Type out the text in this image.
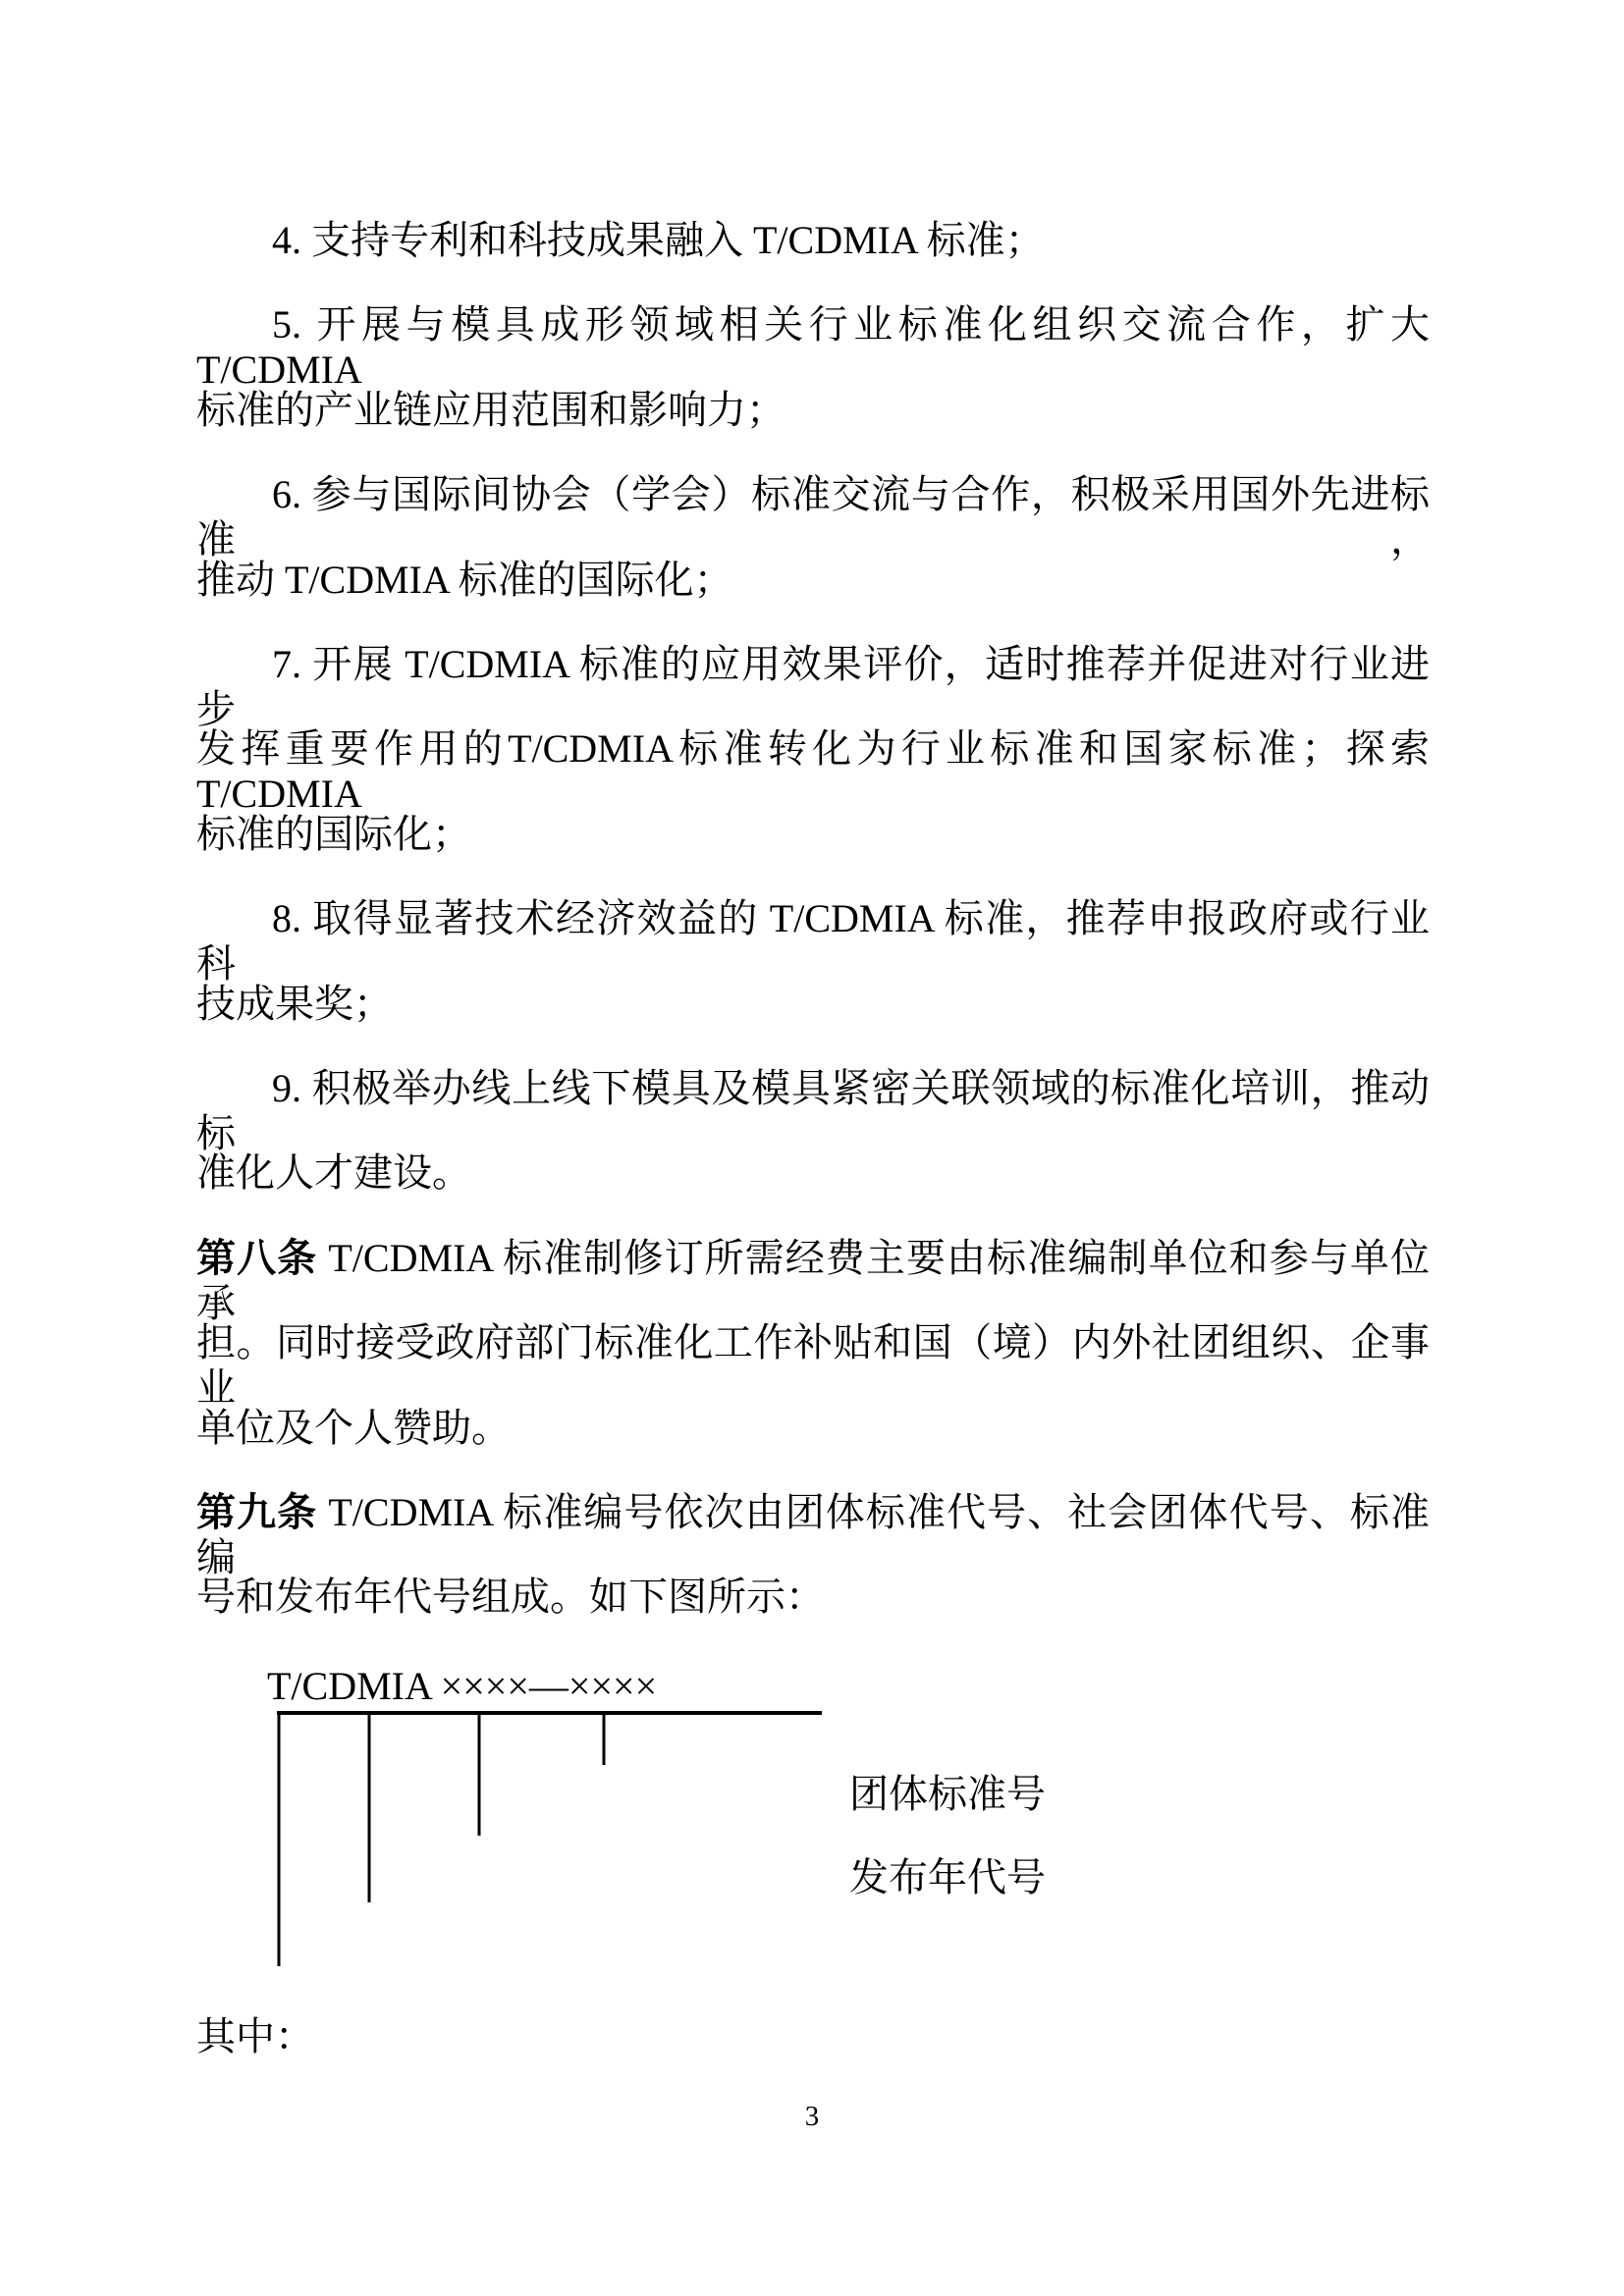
4. 支持专利和科技成果融入 T/CDMIA 标准；
5. 开展与模具成形领域相关行业标准化组织交流合作，扩大 T/CDMIA
标准的产业链应用范围和影响力；
6. 参与国际间协会（学会）标准交流与合作，积极采用国外先进标准，
推动 T/CDMIA 标准的国际化；
7. 开展 T/CDMIA 标准的应用效果评价，适时推荐并促进对行业进步
发挥重要作用的T/CDMIA标准转化为行业标准和国家标准；探索T/CDMIA
标准的国际化；
8. 取得显著技术经济效益的 T/CDMIA 标准，推荐申报政府或行业科
技成果奖；
9. 积极举办线上线下模具及模具紧密关联领域的标准化培训，推动标
准化人才建设。
第八条 T/CDMIA 标准制修订所需经费主要由标准编制单位和参与单位承
担。同时接受政府部门标准化工作补贴和国（境）内外社团组织、企事业
单位及个人赞助。
第九条 T/CDMIA 标准编号依次由团体标准代号、社会团体代号、标准编
号和发布年代号组成。如下图所示：
T/CDMIA ××××—××××
团体标准号
发布年代号
其中：
3
